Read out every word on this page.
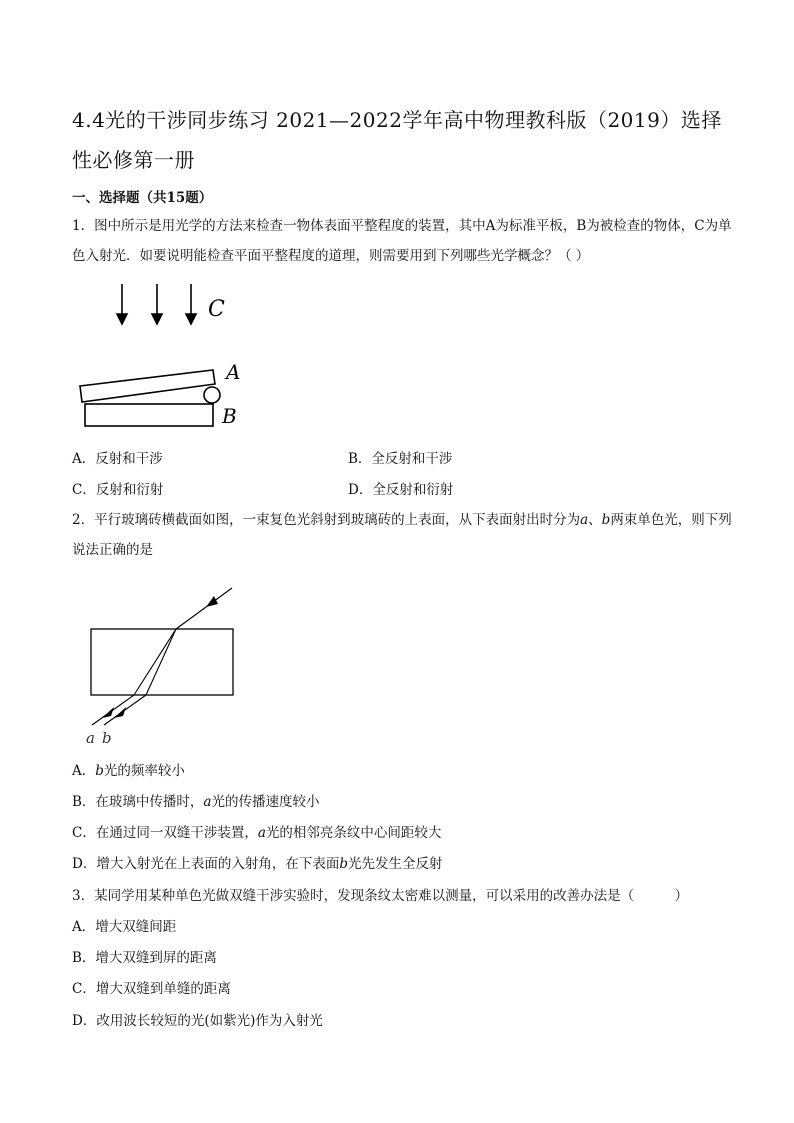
4.4光的干涉同步练习 2021—2022学年高中物理教科版（2019）选择性必修第一册
一、选择题（共15题）
1．图中所示是用光学的方法来检查一物体表面平整程度的装置，其中A为标准平板，B为被检查的物体，C为单色入射光．如要说明能检查平面平整程度的道理，则需要用到下列哪些光学概念？（ ）
C
A
B
A．反射和干涉	B．全反射和干涉
C．反射和衍射	D．全反射和衍射
2．平行玻璃砖横截面如图，一束复色光斜射到玻璃砖的上表面，从下表面射出时分为a、b两束单色光，则下列说法正确的是
a b
A．b光的频率较小
B．在玻璃中传播时，a光的传播速度较小
C．在通过同一双缝干涉装置，a光的相邻亮条纹中心间距较大
D．增大入射光在上表面的入射角，在下表面b光先发生全反射
3．某同学用某种单色光做双缝干涉实验时，发现条纹太密难以测量，可以采用的改善办法是（　　　）
A．增大双缝间距
B．增大双缝到屏的距离
C．增大双缝到单缝的距离
D．改用波长较短的光(如紫光)作为入射光
